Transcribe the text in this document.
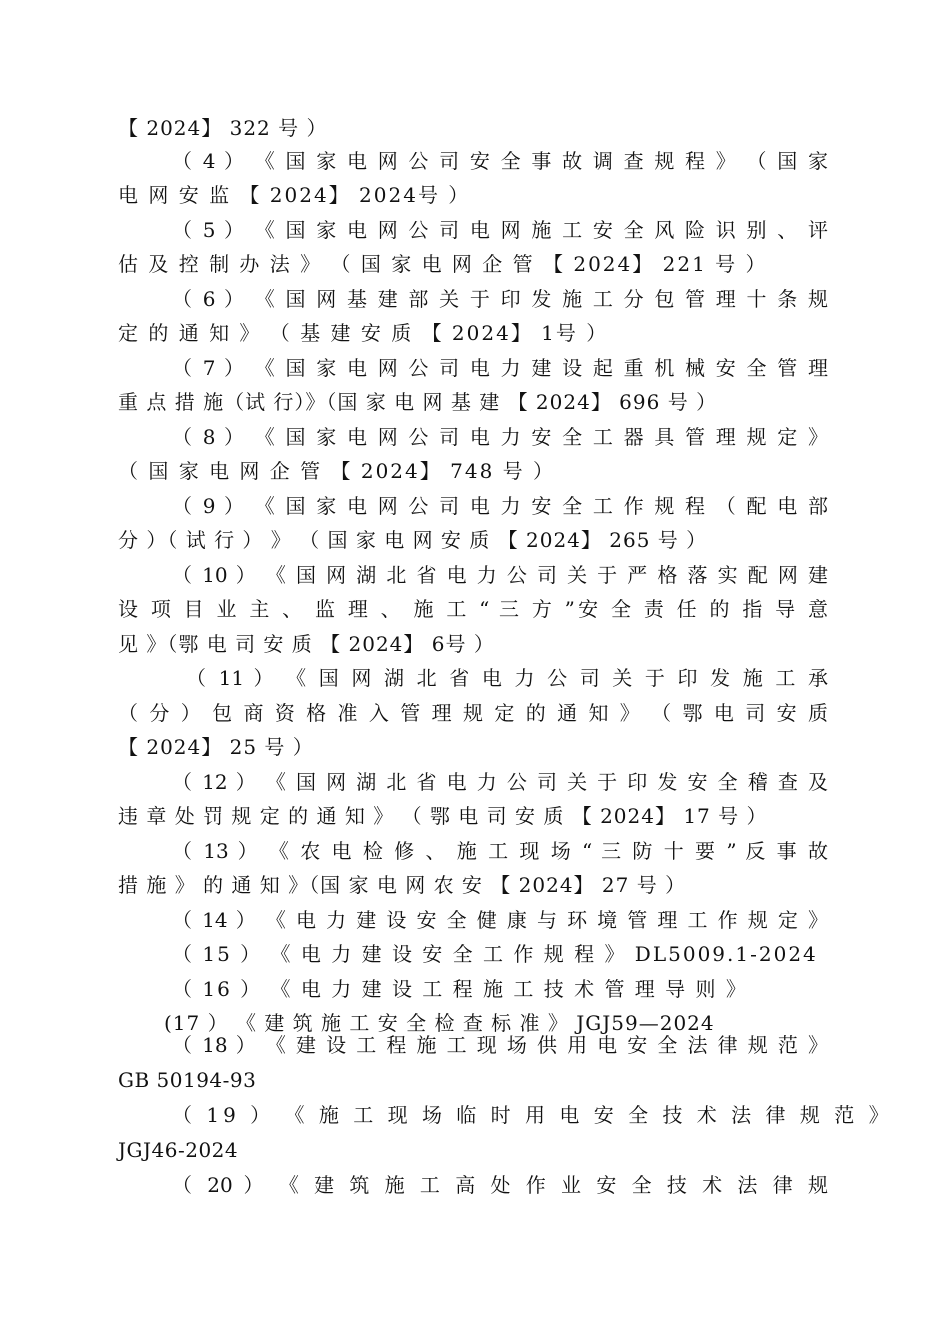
【 2024】 322 号 ）
（ 4 ） 《 国 家 电 网 公 司 安 全 事 故 调 查 规 程 》 （ 国 家
电 网 安 监 【 2024】 2024号 ）
（ 5 ） 《 国 家 电 网 公 司 电 网 施 工 安 全 风 险 识 别 、 评
估 及 控 制 办 法 》 （ 国 家 电 网 企 管 【 2024】 221 号 ）
（ 6 ） 《 国 网 基 建 部 关 于 印 发 施 工 分 包 管 理 十 条 规
定 的 通 知 》 （ 基 建 安 质 【 2024】 1号 ）
（ 7 ） 《 国 家 电 网 公 司 电 力 建 设 起 重 机 械 安 全 管 理
重 点 措 施（试 行）》（国 家 电 网 基 建 【 2024】 696 号 ）
（ 8 ） 《 国 家 电 网 公 司 电 力 安 全 工 器 具 管 理 规 定 》
（ 国 家 电 网 企 管 【 2024】 748 号 ）
（ 9 ） 《 国 家 电 网 公 司 电 力 安 全 工 作 规 程 （ 配 电 部
分 ）（ 试 行 ） 》 （ 国 家 电 网 安 质 【 2024】 265 号 ）
（ 10 ） 《 国 网 湖 北 省 电 力 公 司 关 于 严 格 落 实 配 网 建
设 项 目 业 主 、 监 理 、 施 工 “ 三 方 ”安 全 责 任 的 指 导 意
见 》（鄂 电 司 安 质 【 2024】 6号 ）
（ 11 ） 《 国 网 湖 北 省 电 力 公 司 关 于 印 发 施 工 承
（ 分 ） 包 商 资 格 准 入 管 理 规 定 的 通 知 》 （ 鄂 电 司 安 质
【 2024】 25 号 ）
（ 12 ） 《 国 网 湖 北 省 电 力 公 司 关 于 印 发 安 全 稽 查 及
违 章 处 罚 规 定 的 通 知 》 （ 鄂 电 司 安 质 【 2024】 17 号 ）
（ 13 ） 《 农 电 检 修 、 施 工 现 场 “ 三 防 十 要 ” 反 事 故
措 施 》 的 通 知 》（国 家 电 网 农 安 【 2024】 27 号 ）
（ 14 ） 《 电 力 建 设 安 全 健 康 与 环 境 管 理 工 作 规 定 》
（ 15 ） 《 电 力 建 设 安 全 工 作 规 程 》 DL5009.1-2024
（ 16 ） 《 电 力 建 设 工 程 施 工 技 术 管 理 导 则 》
(17 ） 《 建 筑 施 工 安 全 检 查 标 准 》 JGJ59—2024
（ 18 ） 《 建 设 工 程 施 工 现 场 供 用 电 安 全 法 律 规 范 》
GB 50194-93
（ 19 ） 《 施 工 现 场 临 时 用 电 安 全 技 术 法 律 规 范 》
JGJ46-2024
（ 20 ） 《 建 筑 施 工 高 处 作 业 安 全 技 术 法 律 规
